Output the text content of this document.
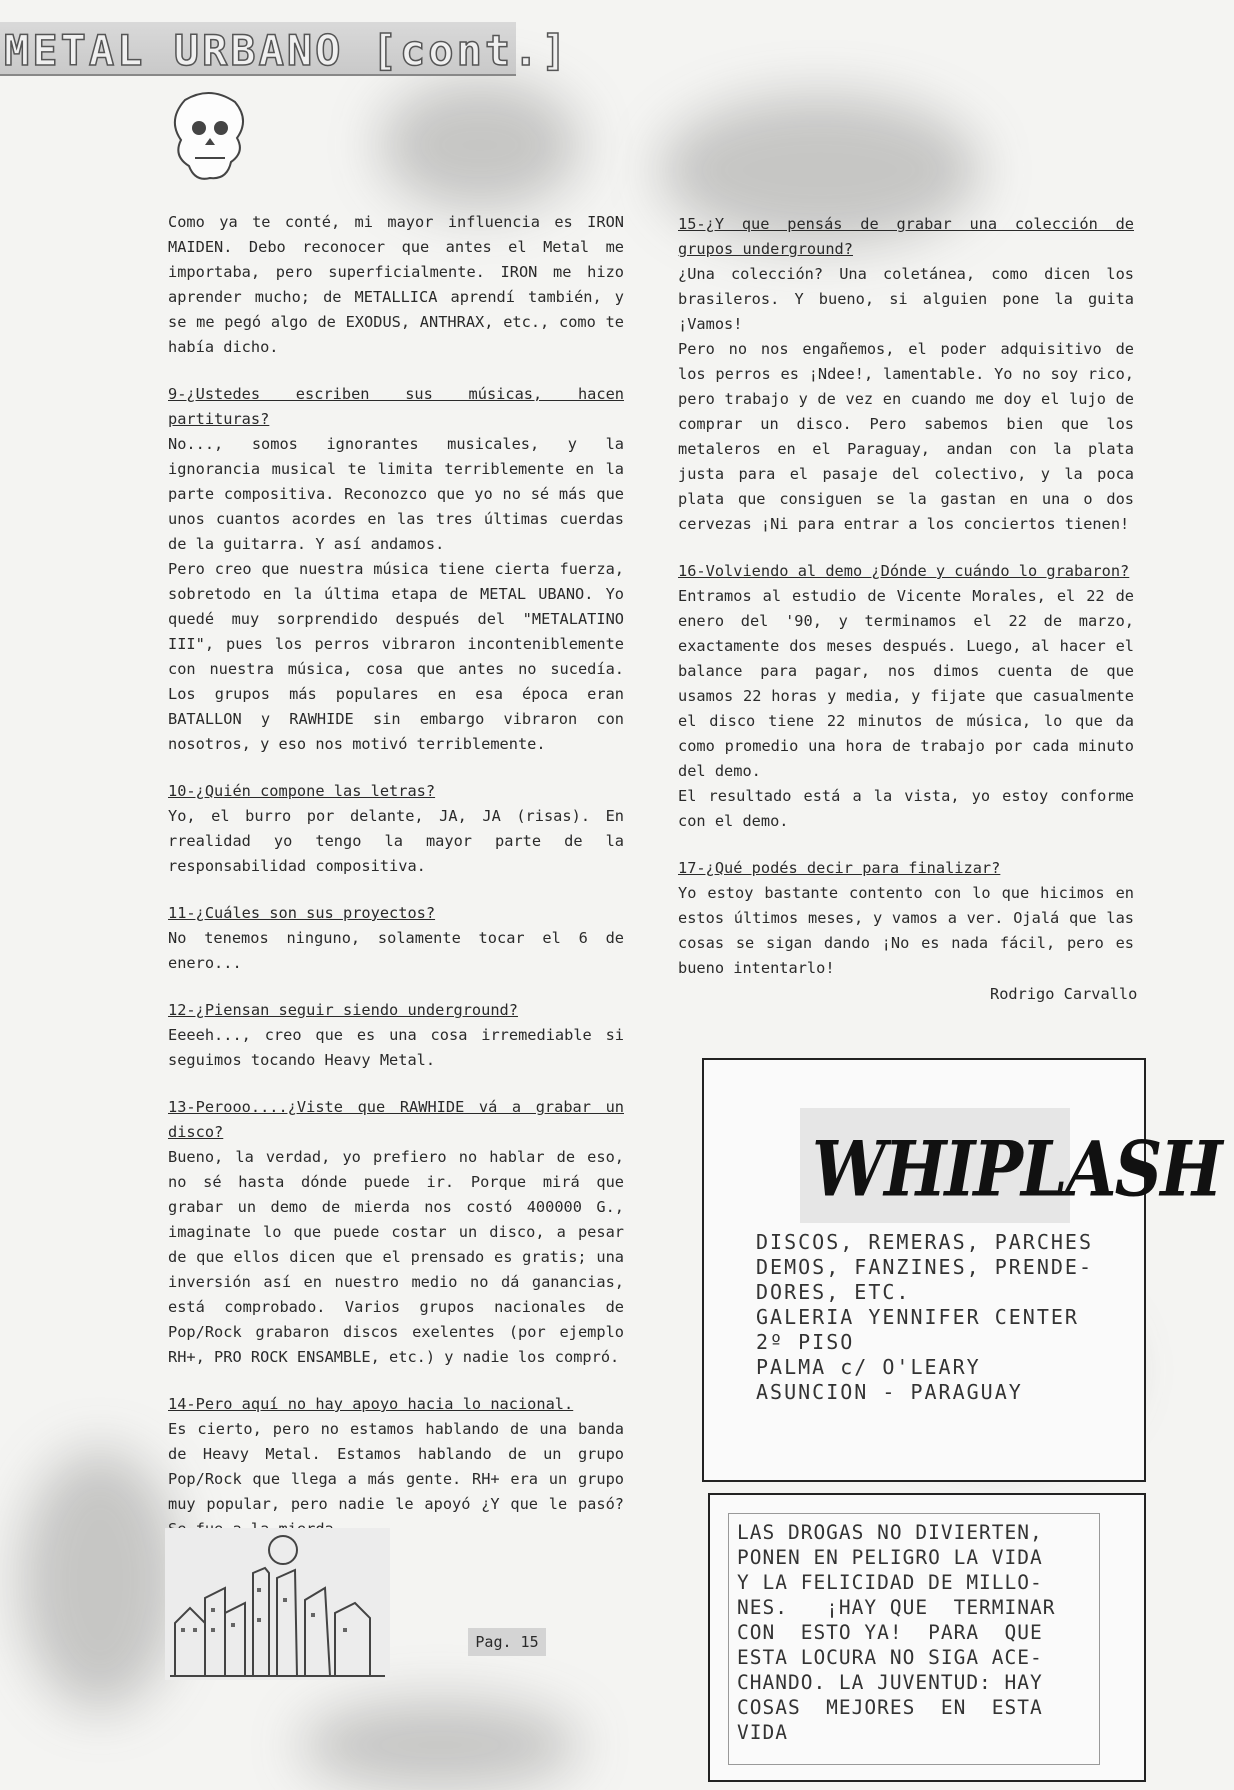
METAL URBANO [cont.]

Como ya te conté, mi mayor influencia es IRON MAIDEN. Debo reconocer que antes el Metal me importaba, pero superficialmente. IRON me hizo aprender mucho; de METALLICA aprendí también, y se me pegó algo de EXODUS, ANTHRAX, etc., como te había dicho.

9-¿Ustedes escriben sus músicas, hacen partituras?
No..., somos ignorantes musicales, y la ignorancia musical te limita terriblemente en la parte compositiva. Reconozco que yo no sé más que unos cuantos acordes en las tres últimas cuerdas de la guitarra. Y así andamos.

Pero creo que nuestra música tiene cierta fuerza, sobretodo en la última etapa de METAL UBANO. Yo quedé muy sorprendido después del "METALATINO III", pues los perros vibraron inconteniblemente con nuestra música, cosa que antes no sucedía. Los grupos más populares en esa época eran BATALLON y RAWHIDE sin embargo vibraron con nosotros, y eso nos motivó terriblemente.

10-¿Quién compone las letras?
Yo, el burro por delante, JA, JA (risas). En rrealidad yo tengo la mayor parte de la responsabilidad compositiva.

11-¿Cuáles son sus proyectos?
No tenemos ninguno, solamente tocar el 6 de enero...

12-¿Piensan seguir siendo underground?
Eeeeh..., creo que es una cosa irremediable si seguimos tocando Heavy Metal.

13-Perooo....¿Viste que RAWHIDE vá a grabar un disco?
Bueno, la verdad, yo prefiero no hablar de eso, no sé hasta dónde puede ir. Porque mirá que grabar un demo de mierda nos costó 400000 G., imaginate lo que puede costar un disco, a pesar de que ellos dicen que el prensado es gratis; una inversión así en nuestro medio no dá ganancias, está comprobado. Varios grupos nacionales de Pop/Rock grabaron discos exelentes (por ejemplo RH+, PRO ROCK ENSAMBLE, etc.) y nadie los compró.

14-Pero aquí no hay apoyo hacia lo nacional.
Es cierto, pero no estamos hablando de una banda de Heavy Metal. Estamos hablando de un grupo Pop/Rock que llega a más gente. RH+ era un grupo muy popular, pero nadie le apoyó ¿Y que le pasó? Se fue a la mierda.

15-¿Y que pensás de grabar una colección de grupos underground?
¿Una colección? Una coletánea, como dicen los brasileros. Y bueno, si alguien pone la guita ¡Vamos!

Pero no nos engañemos, el poder adquisitivo de los perros es ¡Ndee!, lamentable. Yo no soy rico, pero trabajo y de vez en cuando me doy el lujo de comprar un disco. Pero sabemos bien que los metaleros en el Paraguay, andan con la plata justa para el pasaje del colectivo, y la poca plata que consiguen se la gastan en una o dos cervezas ¡Ni para entrar a los conciertos tienen!

16-Volviendo al demo ¿Dónde y cuándo lo grabaron?
Entramos al estudio de Vicente Morales, el 22 de enero del '90, y terminamos el 22 de marzo, exactamente dos meses después. Luego, al hacer el balance para pagar, nos dimos cuenta de que usamos 22 horas y media, y fijate que casualmente el disco tiene 22 minutos de música, lo que da como promedio una hora de trabajo por cada minuto del demo.

El resultado está a la vista, yo estoy conforme con el demo.

17-¿Qué podés decir para finalizar?
Yo estoy bastante contento con lo que hicimos en estos últimos meses, y vamos a ver. Ojalá que las cosas se sigan dando ¡No es nada fácil, pero es bueno intentarlo!

Rodrigo Carvallo
WHIPLASH
DISCOS, REMERAS, PARCHES
DEMOS, FANZINES, PRENDE-
DORES, ETC.
GALERIA YENNIFER CENTER
2º PISO
PALMA c/ O'LEARY
ASUNCION - PARAGUAY
LAS DROGAS NO DIVIERTEN,
PONEN EN PELIGRO LA VIDA
Y LA FELICIDAD DE MILLO-
NES.   ¡HAY QUE  TERMINAR
CON  ESTO YA!  PARA  QUE
ESTA LOCURA NO SIGA ACE-
CHANDO. LA JUVENTUD: HAY
COSAS  MEJORES  EN  ESTA
VIDA
Pag. 15
